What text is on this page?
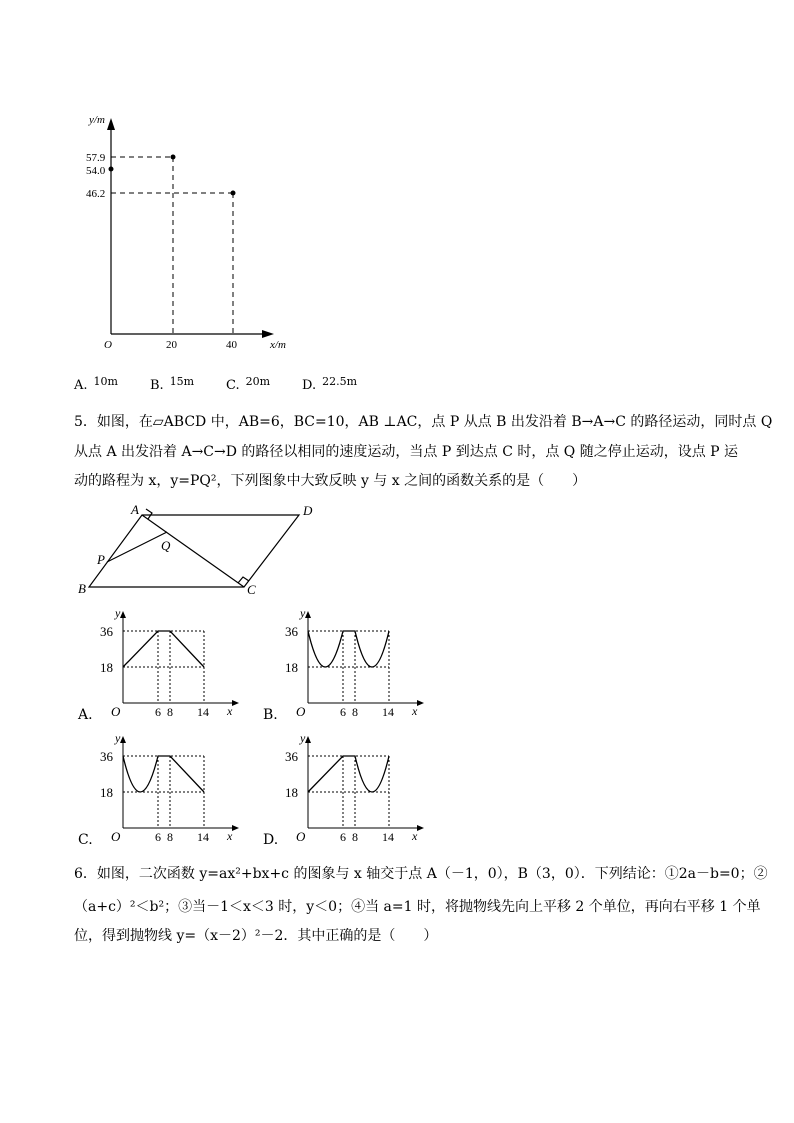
y/m
57.9
54.0
46.2
O	20	40	x/m
A. $^{10m}$ B. $^{15m}$ C. $^{20m}$ D. $^{22.5m}$

5．如图，在▱ABCD 中，AB=6，BC=10，AB ⊥AC，点 P 从点 B 出发沿着 B→A→C 的路径运动，同时点 Q

从点 A 出发沿着 A→C→D 的路径以相同的速度运动，当点 P 到达点 C 时，点 Q 随之停止运动，设点 P 运

动的路程为 x，y=PQ²，下列图象中大致反映 y 与 x 之间的函数关系的是（　　）

A	D
B	C
P
Q
y
36
18
O	6 8 14 x
y
36
18
O	6 8 14 x
y
36
18
O	6 8 14 x
y
36
18
O	6 8 14 x
A.	B.
C.	D.

6．如图，二次函数 y=ax²+bx+c 的图象与 x 轴交于点 A（－1，0），B（3，0）．下列结论：①2a－b=0；②

（a+c）²＜b²；③当－1＜x＜3 时，y＜0；④当 a=1 时，将抛物线先向上平移 2 个单位，再向右平移 1 个单

位，得到抛物线 y=（x－2）²－2．其中正确的是（　　）
